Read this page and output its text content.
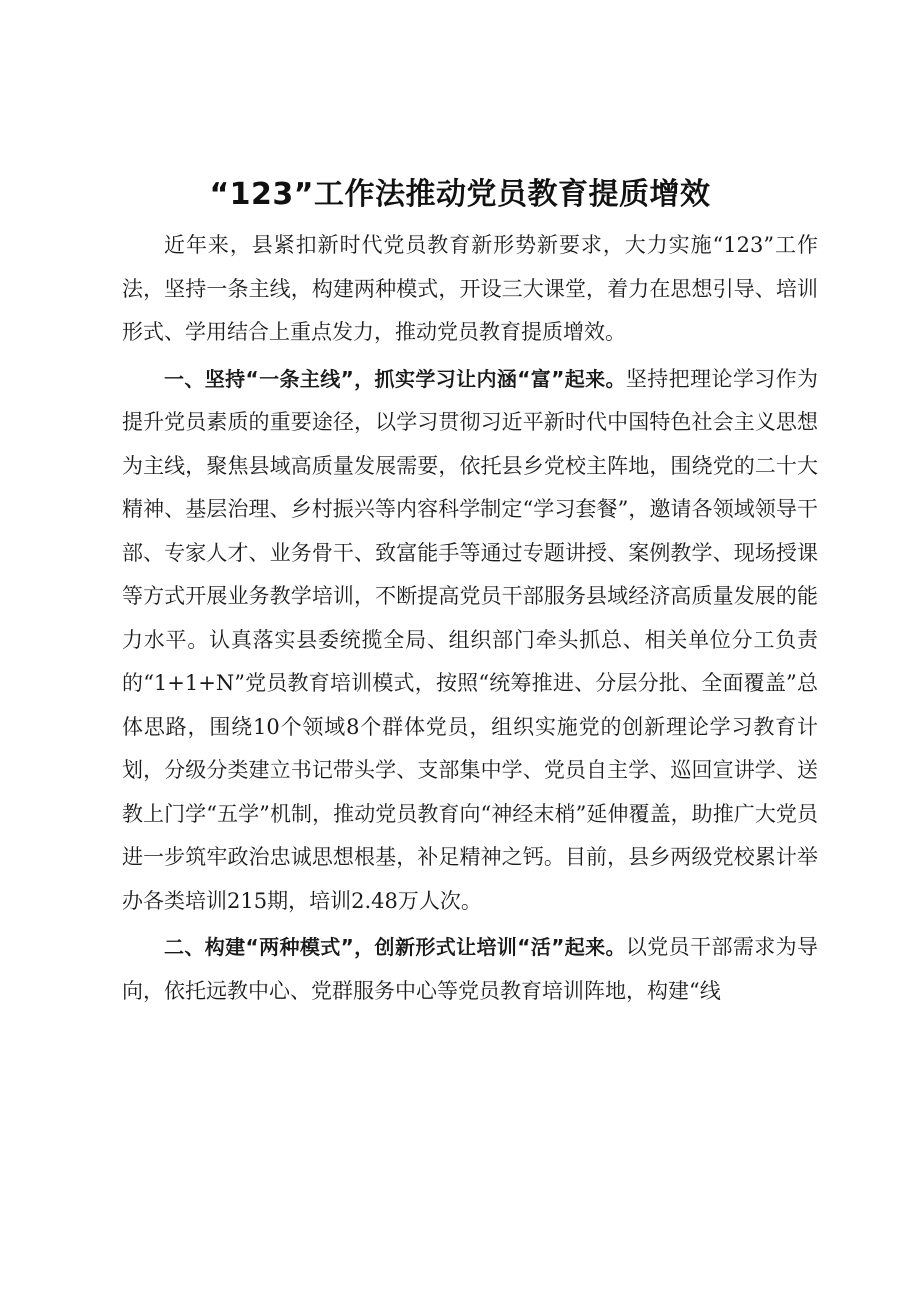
“123”工作法推动党员教育提质增效

近年来，县紧扣新时代党员教育新形势新要求，大力实施“123”工作法，坚持一条主线，构建两种模式，开设三大课堂，着力在思想引导、培训形式、学用结合上重点发力，推动党员教育提质增效。

一、坚持“一条主线”，抓实学习让内涵“富”起来。坚持把理论学习作为提升党员素质的重要途径，以学习贯彻习近平新时代中国特色社会主义思想为主线，聚焦县域高质量发展需要，依托县乡党校主阵地，围绕党的二十大精神、基层治理、乡村振兴等内容科学制定“学习套餐”，邀请各领域领导干部、专家人才、业务骨干、致富能手等通过专题讲授、案例教学、现场授课等方式开展业务教学培训，不断提高党员干部服务县域经济高质量发展的能力水平。认真落实县委统揽全局、组织部门牵头抓总、相关单位分工负责的“1+1+N”党员教育培训模式，按照“统筹推进、分层分批、全面覆盖”总体思路，围绕10个领域8个群体党员，组织实施党的创新理论学习教育计划，分级分类建立书记带头学、支部集中学、党员自主学、巡回宣讲学、送教上门学“五学”机制，推动党员教育向“神经末梢”延伸覆盖，助推广大党员进一步筑牢政治忠诚思想根基，补足精神之钙。目前，县乡两级党校累计举办各类培训215期，培训2.48万人次。

二、构建“两种模式”，创新形式让培训“活”起来。以党员干部需求为导向，依托远教中心、党群服务中心等党员教育培训阵地，构建“线
